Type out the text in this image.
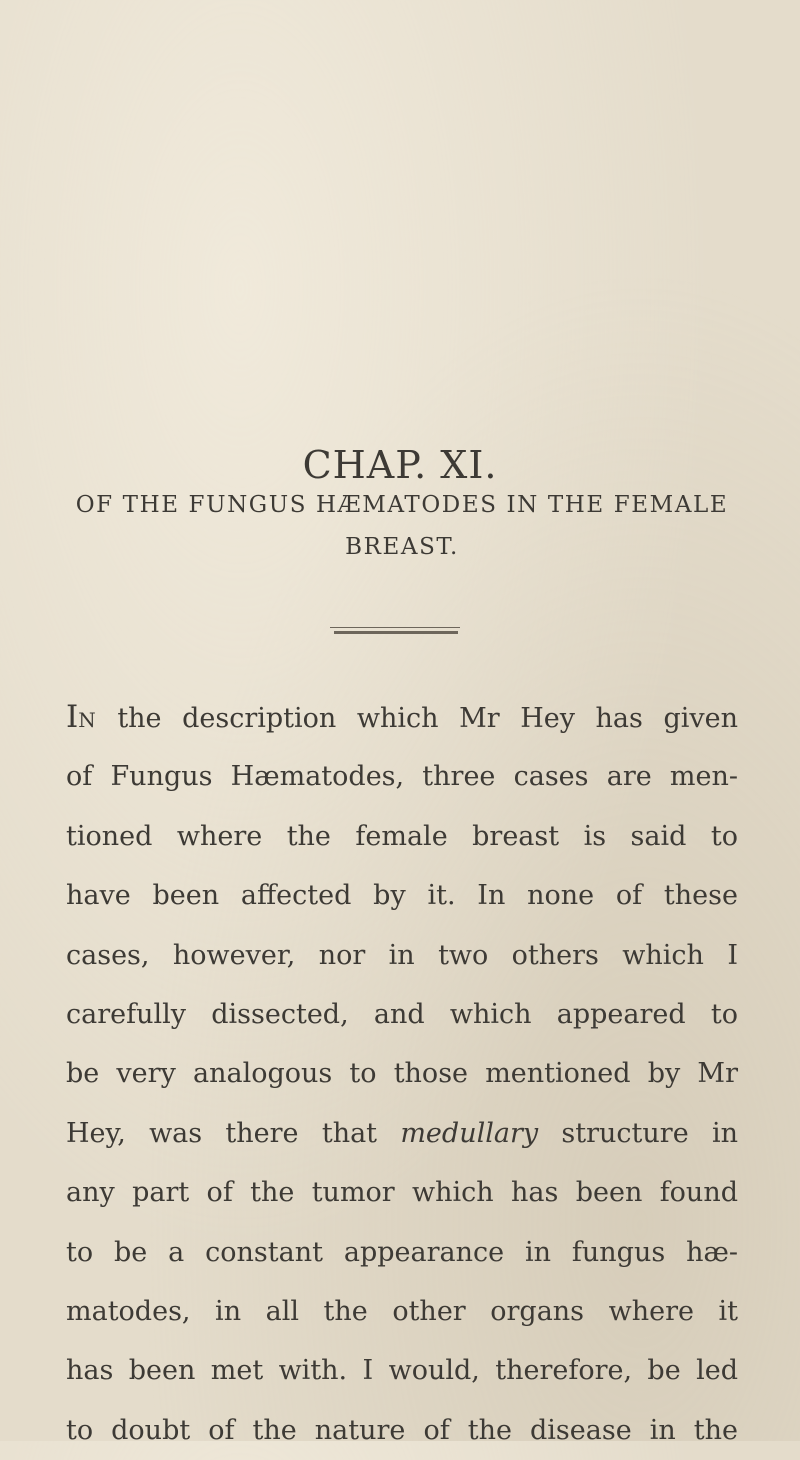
CHAP. XI.
OF THE FUNGUS HÆMATODES IN THE FEMALE
BREAST.
IN the description which Mr Hey has given
of Fungus Hæmatodes, three cases are men-
tioned where the female breast is said to
have been affected by it. In none of these
cases, however, nor in two others which I
carefully dissected, and which appeared to
be very analogous to those mentioned by Mr
Hey, was there that medullary structure in
any part of the tumor which has been found
to be a constant appearance in fungus hæ-
matodes, in all the other organs where it
has been met with. I would, therefore, be led
to doubt of the nature of the disease in the
